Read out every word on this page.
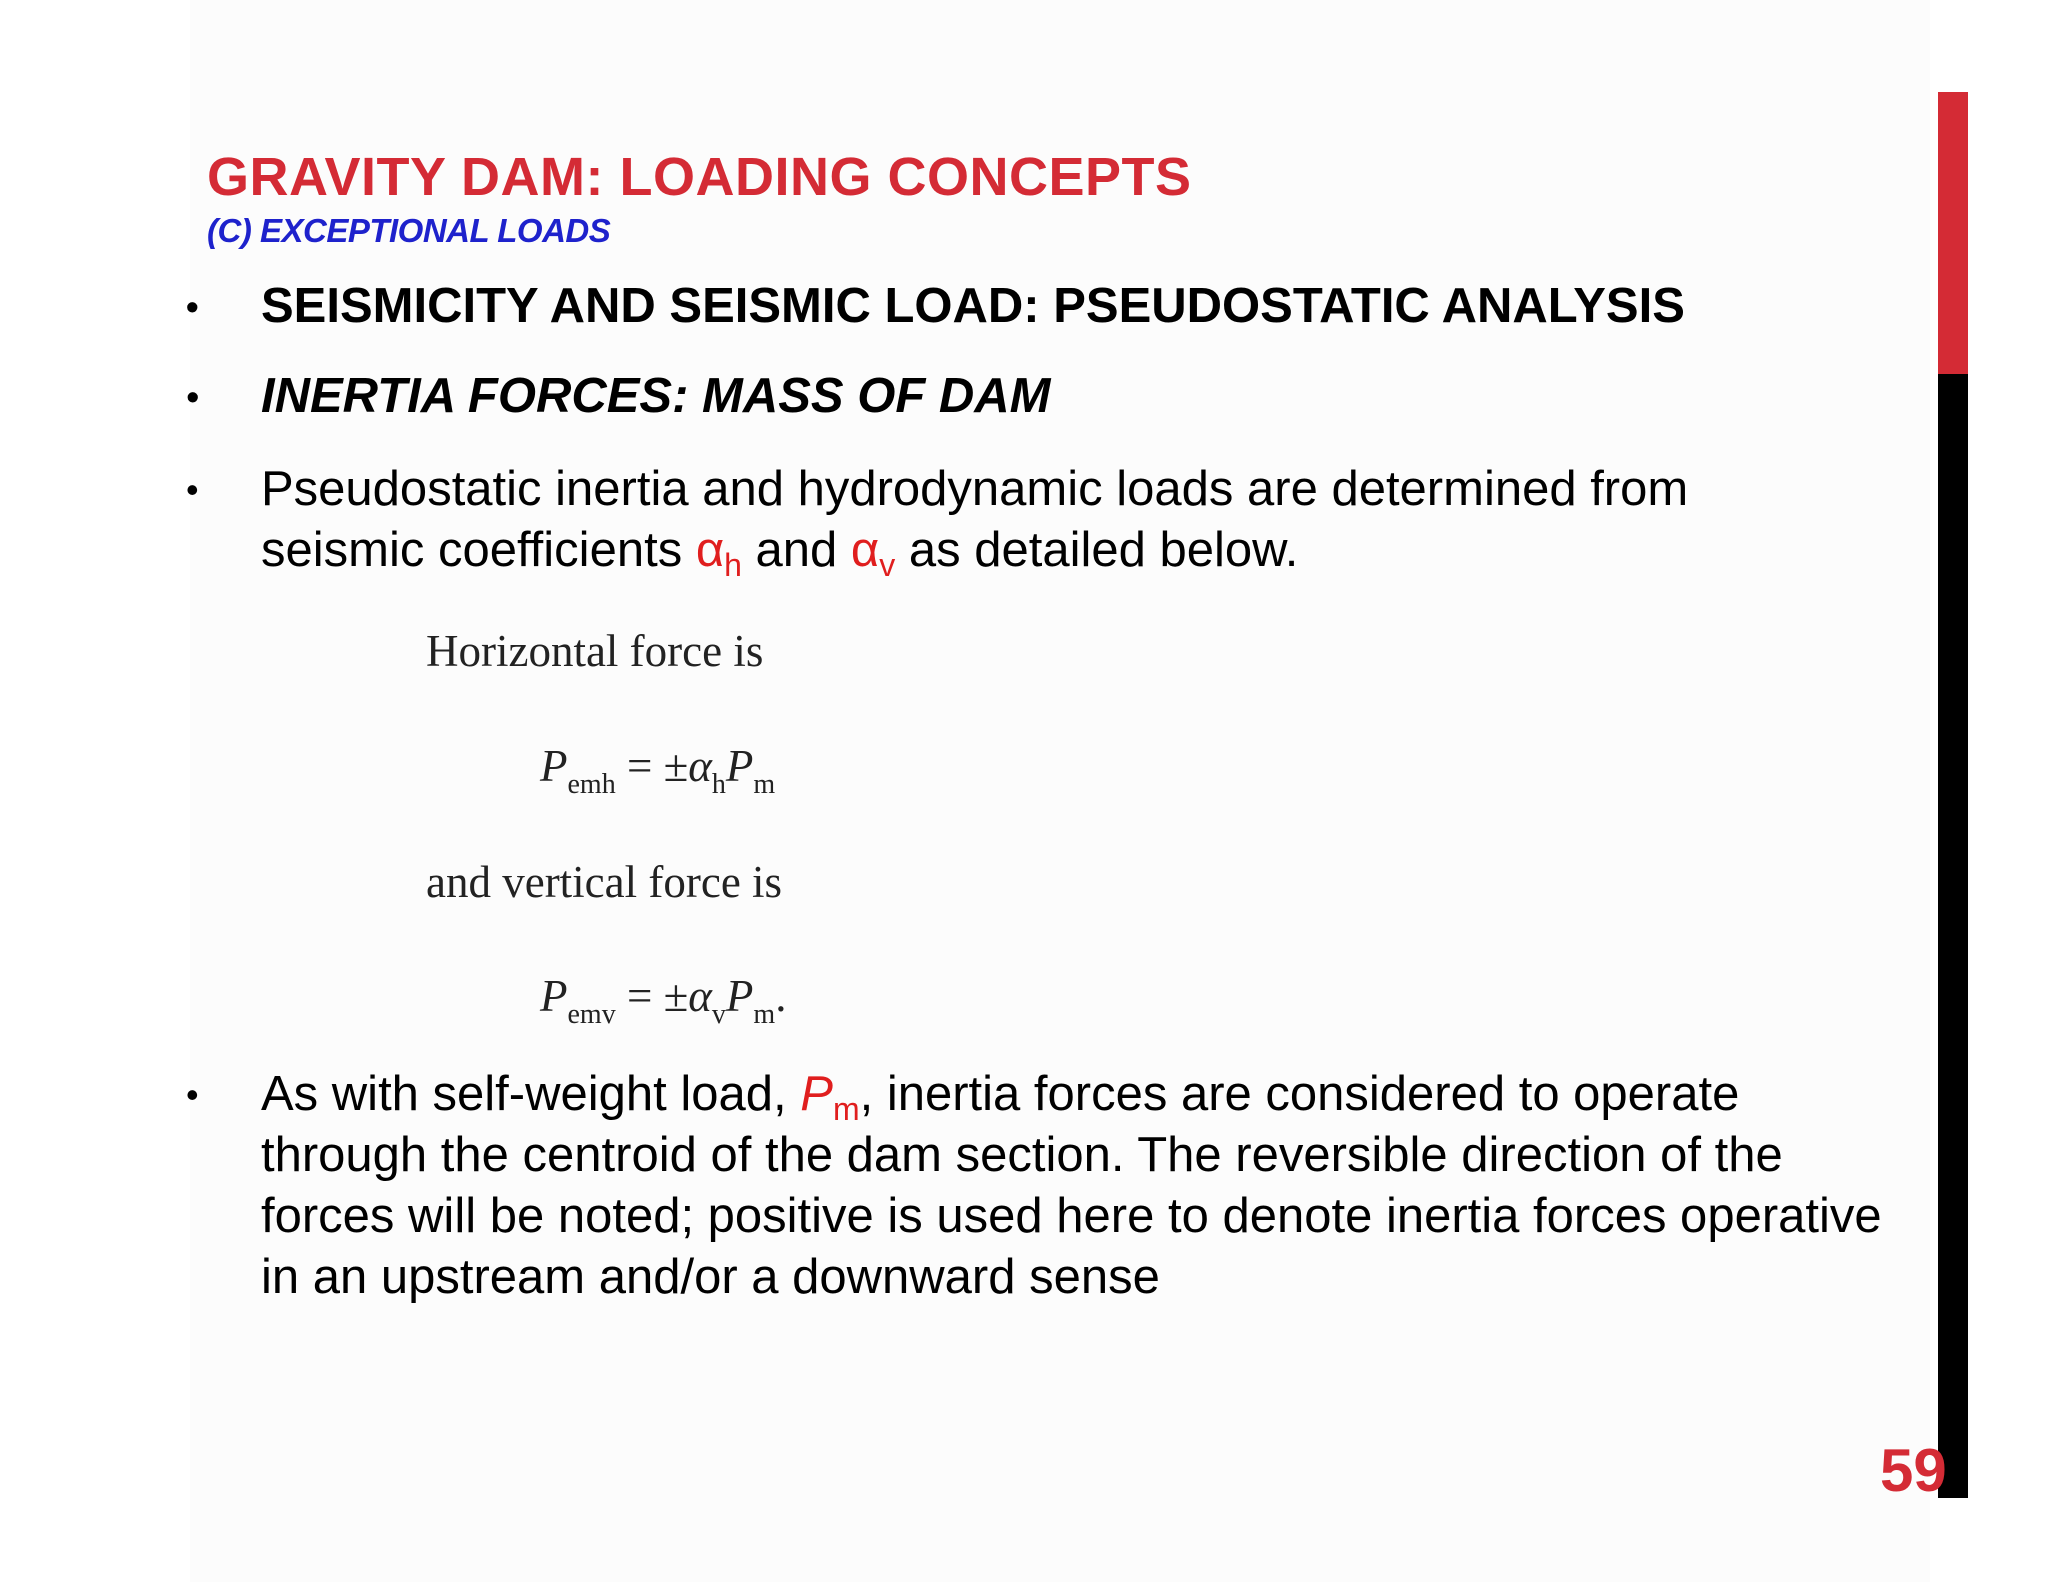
GRAVITY DAM: LOADING CONCEPTS
(C) EXCEPTIONAL LOADS
•	SEISMICITY AND SEISMIC LOAD: PSEUDOSTATIC ANALYSIS
•	INERTIA FORCES: MASS OF DAM
•	Pseudostatic inertia and hydrodynamic loads are determined from
seismic coefficients $\alpha_h$ and $\alpha_v$ as detailed below.
Horizontal force is
$P_{emh} = \pm\alpha_hP_m$
and vertical force is
$P_{emv} = \pm\alpha_vP_m$.
•	As with self-weight load, $P_m$, inertia forces are considered to operate through the centroid of the dam section. The reversible direction of the forces will be noted; positive is used here to denote inertia forces operative in an upstream and/or a downward sense
59
